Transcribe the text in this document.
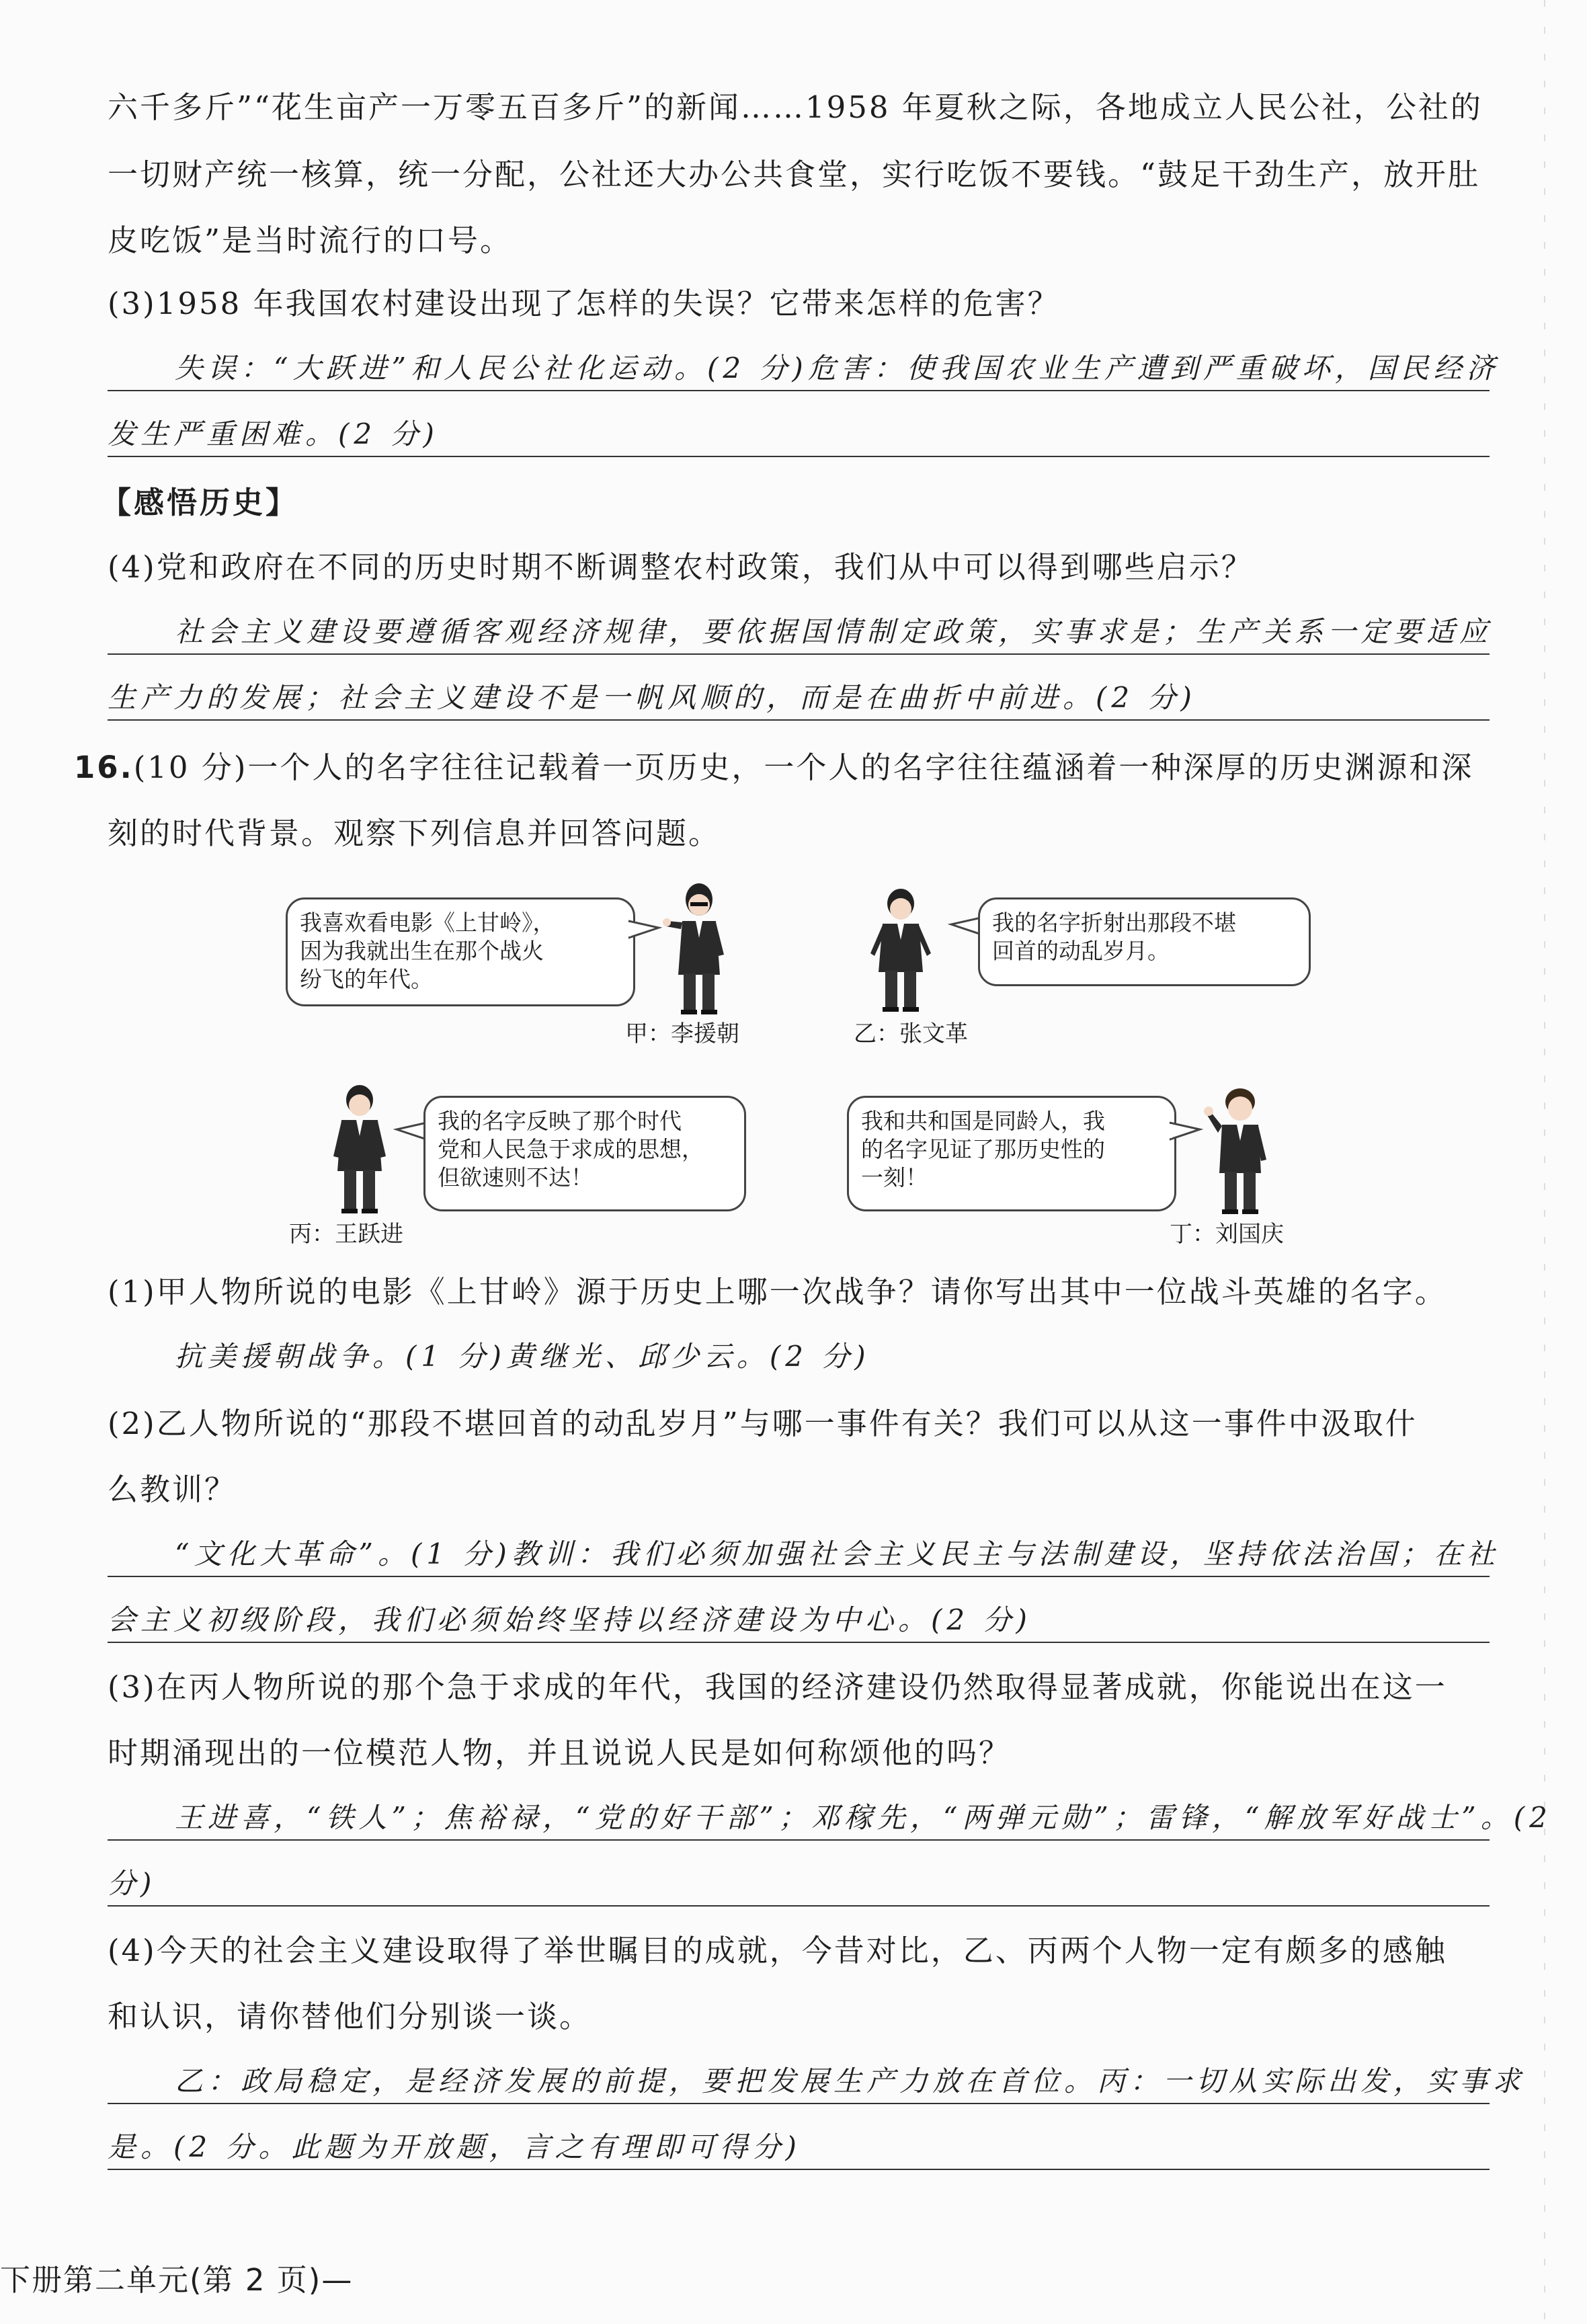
六千多斤”“花生亩产一万零五百多斤”的新闻……1958 年夏秋之际，各地成立人民公社，公社的
一切财产统一核算，统一分配，公社还大办公共食堂，实行吃饭不要钱。“鼓足干劲生产，放开肚
皮吃饭”是当时流行的口号。
(3)1958 年我国农村建设出现了怎样的失误？它带来怎样的危害？
失误：“大跃进”和人民公社化运动。(2 分)危害：使我国农业生产遭到严重破坏，国民经济
发生严重困难。(2 分)
【感悟历史】
(4)党和政府在不同的历史时期不断调整农村政策，我们从中可以得到哪些启示？
社会主义建设要遵循客观经济规律，要依据国情制定政策，实事求是；生产关系一定要适应
生产力的发展；社会主义建设不是一帆风顺的，而是在曲折中前进。(2 分)
16.(10 分)一个人的名字往往记载着一页历史，一个人的名字往往蕴涵着一种深厚的历史渊源和深
刻的时代背景。观察下列信息并回答问题。
我喜欢看电影《上甘岭》，
因为我就出生在那个战火
纷飞的年代。
甲：李援朝	乙：张文革
我的名字折射出那段不堪
回首的动乱岁月。
丙：王跃进
我的名字反映了那个时代
党和人民急于求成的思想，
但欲速则不达！
我和共和国是同龄人，我
的名字见证了那历史性的
一刻！
丁：刘国庆
(1)甲人物所说的电影《上甘岭》源于历史上哪一次战争？请你写出其中一位战斗英雄的名字。
抗美援朝战争。(1 分)黄继光、邱少云。(2 分)
(2)乙人物所说的“那段不堪回首的动乱岁月”与哪一事件有关？我们可以从这一事件中汲取什
么教训？
“文化大革命”。(1 分)教训：我们必须加强社会主义民主与法制建设，坚持依法治国；在社
会主义初级阶段，我们必须始终坚持以经济建设为中心。(2 分)
(3)在丙人物所说的那个急于求成的年代，我国的经济建设仍然取得显著成就，你能说出在这一
时期涌现出的一位模范人物，并且说说人民是如何称颂他的吗？
王进喜，“铁人”；焦裕禄，“党的好干部”；邓稼先，“两弹元勋”；雷锋，“解放军好战士”。(2
分)
(4)今天的社会主义建设取得了举世瞩目的成就，今昔对比，乙、丙两个人物一定有颇多的感触
和认识，请你替他们分别谈一谈。
乙：政局稳定，是经济发展的前提，要把发展生产力放在首位。丙：一切从实际出发，实事求
是。(2 分。此题为开放题，言之有理即可得分)
下册第二单元(第 2 页)—
